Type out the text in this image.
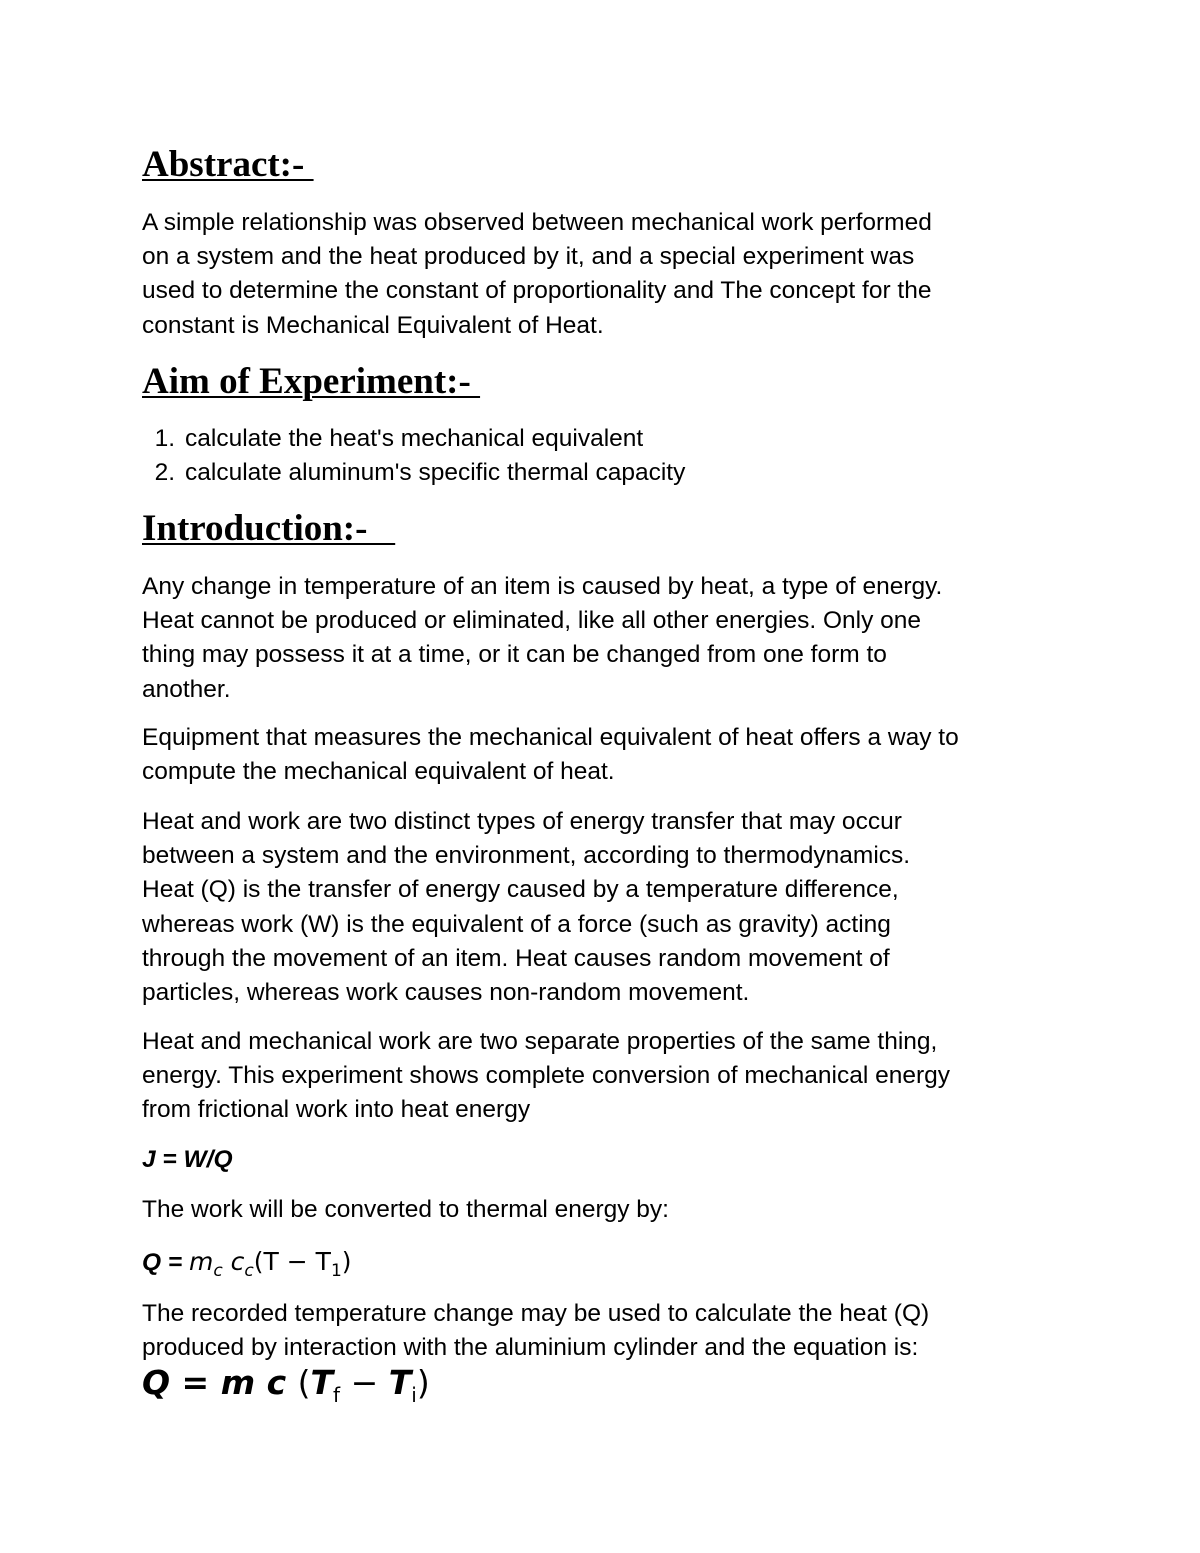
Abstract:-

A simple relationship was observed between mechanical work performed
on a system and the heat produced by it, and a special experiment was
used to determine the constant of proportionality and The concept for the
constant is Mechanical Equivalent of Heat.

Aim of Experiment:-
1. calculate the heat's mechanical equivalent
2. calculate aluminum's specific thermal capacity
Introduction:-

Any change in temperature of an item is caused by heat, a type of energy.
Heat cannot be produced or eliminated, like all other energies. Only one
thing may possess it at a time, or it can be changed from one form to
another.

Equipment that measures the mechanical equivalent of heat offers a way to
compute the mechanical equivalent of heat.

Heat and work are two distinct types of energy transfer that may occur
between a system and the environment, according to thermodynamics.
Heat (Q) is the transfer of energy caused by a temperature difference,
whereas work (W) is the equivalent of a force (such as gravity) acting
through the movement of an item. Heat causes random movement of
particles, whereas work causes non-random movement.

Heat and mechanical work are two separate properties of the same thing,
energy. This experiment shows complete conversion of mechanical energy
from frictional work into heat energy

J = W/Q

The work will be converted to thermal energy by:

$Q = m_c$ $c_c(T - T_1)$

The recorded temperature change may be used to calculate the heat (Q)
produced by interaction with the aluminium cylinder and the equation is:

Q = m c $(T_f - T_i)$
